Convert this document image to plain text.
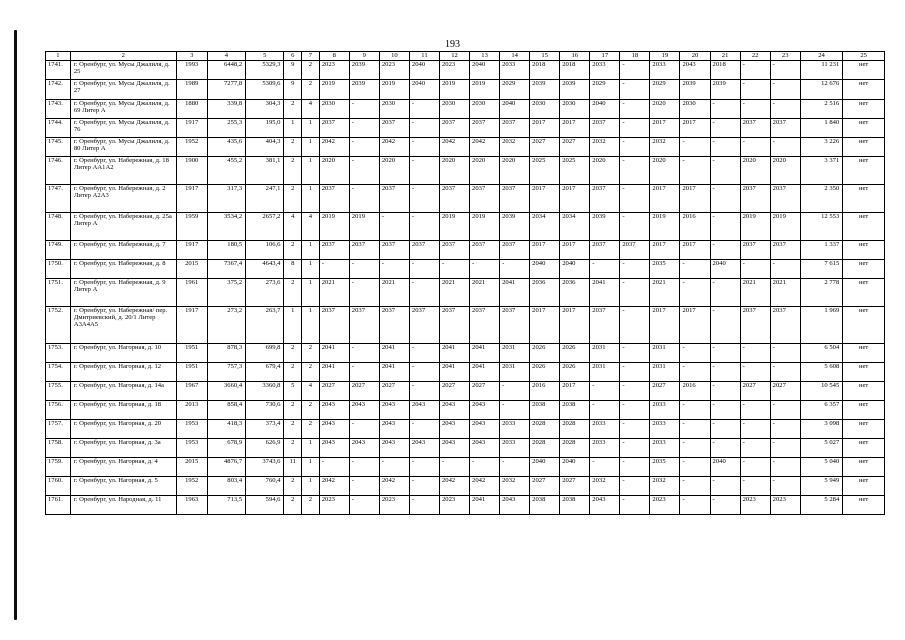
193
1	2	3	4	5	6	7	8	9	10	11	12	13	14	15	16	17	18	19	20	21	22	23	24	25
1741.	г. Оренбург, ул. Мусы Джалиля, д. 25	1993	6448,2	5329,3	9	2	2023	2039	2023	2040	2023	2040	2033	2018	2018	2033	-	2033	2043	2018	-	-	11 231	нет
1742.	г. Оренбург, ул. Мусы Джалиля, д. 27	1989	7277,8	5309,6	9	2	2019	2039	2019	2040	2019	2019	2029	2039	2039	2029	-	2029	2039	2039	-	-	12 676	нет
1743.	г. Оренбург, ул. Мусы Джалиля, д. 69 Литер А	1880	339,8	304,3	2	4	2030	-	2030	-	2030	2030	2040	2030	2030	2040	-	2020	2030	-	-	-	2 516	нет
1744.	г. Оренбург, ул. Мусы Джалиля, д. 76	1917	255,3	195,0	1	1	2037	-	2037	-	2037	2037	2037	2017	2017	2037	-	2017	2017	-	2037	2037	1 840	нет
1745.	г. Оренбург, ул. Мусы Джалиля, д. 80 Литер А	1952	435,6	404,3	2	1	2042	-	2042	-	2042	2042	2032	2027	2027	2032	-	2032	-	-	-	-	3 226	нет
1746.	г. Оренбург, ул. Набережная, д. 18 Литер АА1А2	1900	455,2	381,1	2	1	2020	-	2020	-	2020	2020	2020	2025	2025	2020	-	2020	-	-	2020	2020	3 371	нет
1747.	г. Оренбург, ул. Набережная, д. 2 Литер А2А3	1917	317,3	247,1	2	1	2037	-	2037	-	2037	2037	2037	2017	2017	2037	-	2017	2017	-	2037	2037	2 350	нет
1748.	г. Оренбург, ул. Набережная, д. 25а Литер А	1959	3534,2	2657,2	4	4	2019	2019	-	-	2019	2019	2039	2034	2034	2039	-	2019	2016	-	2019	2019	12 553	нет
1749.	г. Оренбург, ул. Набережная, д. 7	1917	180,5	106,6	2	1	2037	2037	2037	2037	2037	2037	2037	2017	2017	2037	2037	2017	2017	-	2037	2037	1 337	нет
1750.	г. Оренбург, ул. Набережная, д. 8	2015	7367,4	4643,4	8	1	-	-	-	-	-	-	-	2040	2040	-	-	2035	-	2040	-	-	7 615	нет
1751.	г. Оренбург, ул. Набережная, д. 9 Литер А	1961	375,2	273,6	2	1	2021	-	2021	-	2021	2021	2041	2036	2036	2041	-	2021	-	-	2021	2021	2 778	нет
1752.	г. Оренбург, ул. Набережная/ пер. Дмитриевский, д. 20/1 Литер А3А4А5	1917	273,2	263,7	1	1	2037	2037	2037	2037	2037	2037	2037	2017	2017	2037	-	2017	2017	-	2037	2037	1 969	нет
1753.	г. Оренбург, ул. Нагорная, д. 10	1951	878,3	699,8	2	2	2041	-	2041	-	2041	2041	2031	2026	2026	2031	-	2031	-	-	-	-	6 504	нет
1754.	г. Оренбург, ул. Нагорная, д. 12	1951	757,3	679,4	2	2	2041	-	2041	-	2041	2041	2031	2026	2026	2031	-	2031	-	-	-	-	5 608	нет
1755.	г. Оренбург, ул. Нагорная, д. 14а	1967	3660,4	3360,8	5	4	2027	2027	2027	-	2027	2027	-	2016	2017	-	-	2027	2016	-	2027	2027	10 545	нет
1756.	г. Оренбург, ул. Нагорная, д. 18	2013	858,4	730,6	2	2	2043	2043	2043	2043	2043	2043	-	2038	2038	-	-	2033	-	-	-	-	6 357	нет
1757.	г. Оренбург, ул. Нагорная, д. 20	1953	418,3	373,4	2	2	2043	-	2043	-	2043	2043	2033	2028	2028	2033	-	2033	-	-	-	-	3 098	нет
1758.	г. Оренбург, ул. Нагорная, д. 3а	1953	678,9	626,9	2	1	2043	2043	2043	2043	2043	2043	2033	2028	2028	2033	-	2033	-	-	-	-	5 027	нет
1759.	г. Оренбург, ул. Нагорная, д. 4	2015	4876,7	3743,6	11	1	-	-	-	-	-	-	-	2040	2040	-	-	2035	-	2040	-	-	5 040	нет
1760.	г. Оренбург, ул. Нагорная, д. 5	1952	803,4	760,4	2	1	2042	-	2042	-	2042	2042	2032	2027	2027	2032	-	2032	-	-	-	-	5 949	нет
1761.	г. Оренбург, ул. Народная, д. 11	1963	713,5	594,6	2	2	2023	-	2023	-	2023	2041	2043	2038	2038	2043	-	2023	-	-	2023	2023	5 284	нет
